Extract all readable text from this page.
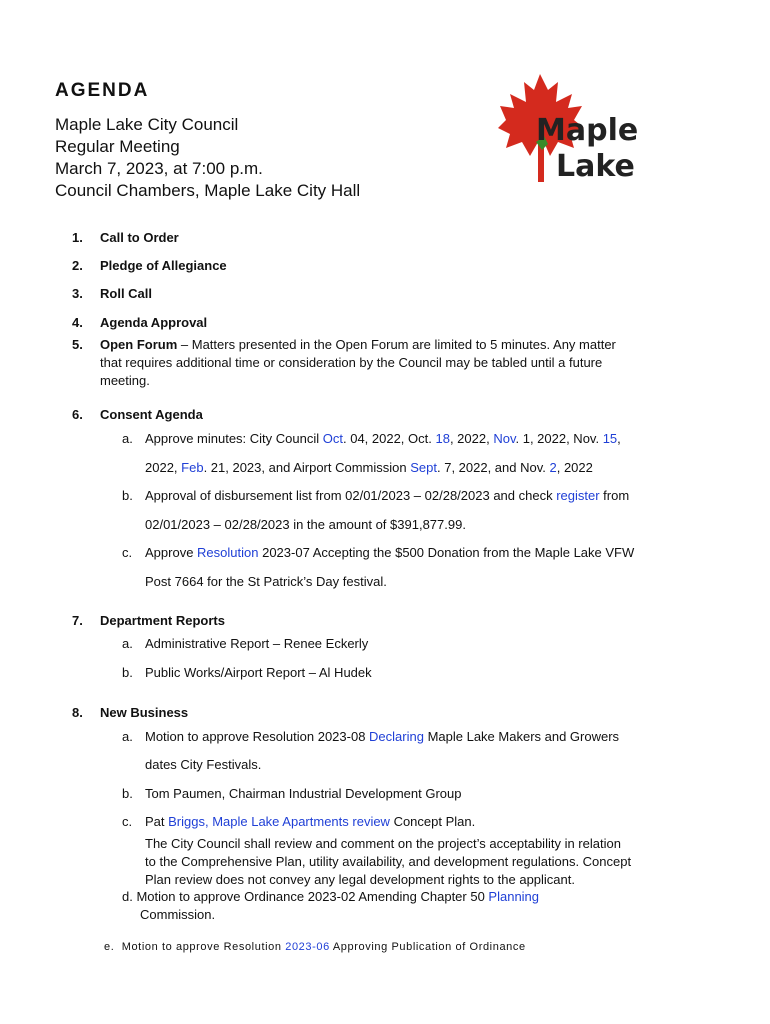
AGENDA
Maple Lake City Council
Regular Meeting
March 7, 2023, at 7:00 p.m.
Council Chambers, Maple Lake City Hall
Maple
Lake
1. Call to Order
2. Pledge of Allegiance
3. Roll Call
4. Agenda Approval
5. Open Forum – Matters presented in the Open Forum are limited to 5 minutes. Any matter
that requires additional time or consideration by the Council may be tabled until a future
meeting.
6. Consent Agenda
a. Approve minutes: City Council Oct. 04, 2022, Oct. 18, 2022, Nov. 1, 2022, Nov. 15,
2022, Feb. 21, 2023, and Airport Commission Sept. 7, 2022, and Nov. 2, 2022
b. Approval of disbursement list from 02/01/2023 – 02/28/2023 and check register from
02/01/2023 – 02/28/2023 in the amount of $391,877.99.
c. Approve Resolution 2023-07 Accepting the $500 Donation from the Maple Lake VFW
Post 7664 for the St Patrick’s Day festival.
7. Department Reports
a. Administrative Report – Renee Eckerly
b. Public Works/Airport Report – Al Hudek
8. New Business
a. Motion to approve Resolution 2023-08 Declaring Maple Lake Makers and Growers
dates City Festivals.
b. Tom Paumen, Chairman Industrial Development Group
c. Pat Briggs, Maple Lake Apartments review Concept Plan.
The City Council shall review and comment on the project’s acceptability in relation
to the Comprehensive Plan, utility availability, and development regulations. Concept
Plan review does not convey any legal development rights to the applicant.
d. Motion to approve Ordinance 2023-02 Amending Chapter 50 Planning
Commission.
e. Motion to approve Resolution 2023-06 Approving Publication of Ordinance
